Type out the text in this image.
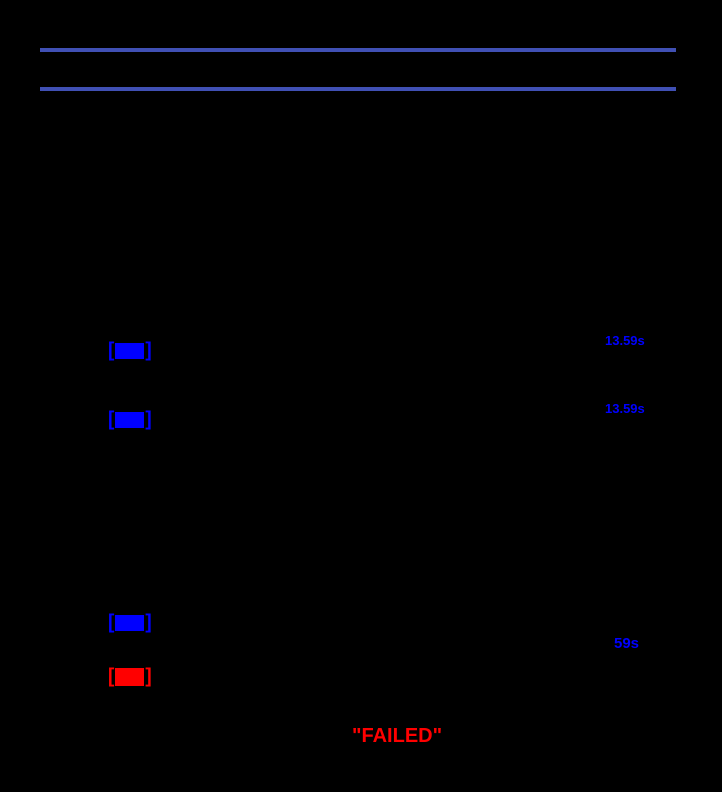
[ PASS ]
[ PASS ]
[ PASS ]
[ FAIL ]
13.59s
13.59s
59s
"FAILED"
